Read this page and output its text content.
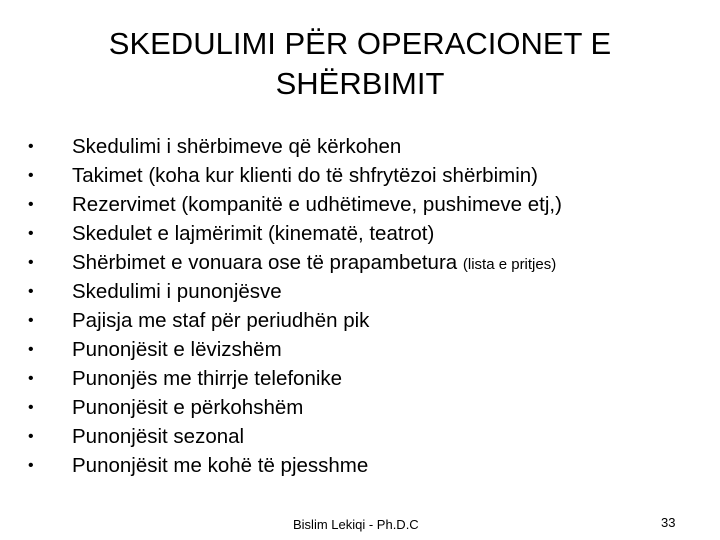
SKEDULIMI PËR OPERACIONET E
SHËRBIMIT
•	Skedulimi i shërbimeve që kërkohen
•	Takimet (koha kur klienti do të shfrytëzoi shërbimin)
•	Rezervimet (kompanitë e udhëtimeve, pushimeve etj,)
•	Skedulet e lajmërimit (kinematë, teatrot)
•	Shërbimet e vonuara ose të prapambetura (lista e pritjes)
•	Skedulimi i punonjësve
•	Pajisja me staf për periudhën pik
•	Punonjësit e lëvizshëm
•	Punonjës me thirrje telefonike
•	Punonjësit e përkohshëm
•	Punonjësit sezonal
•	Punonjësit me kohë të pjesshme
Bislim Lekiqi - Ph.D.C	33
